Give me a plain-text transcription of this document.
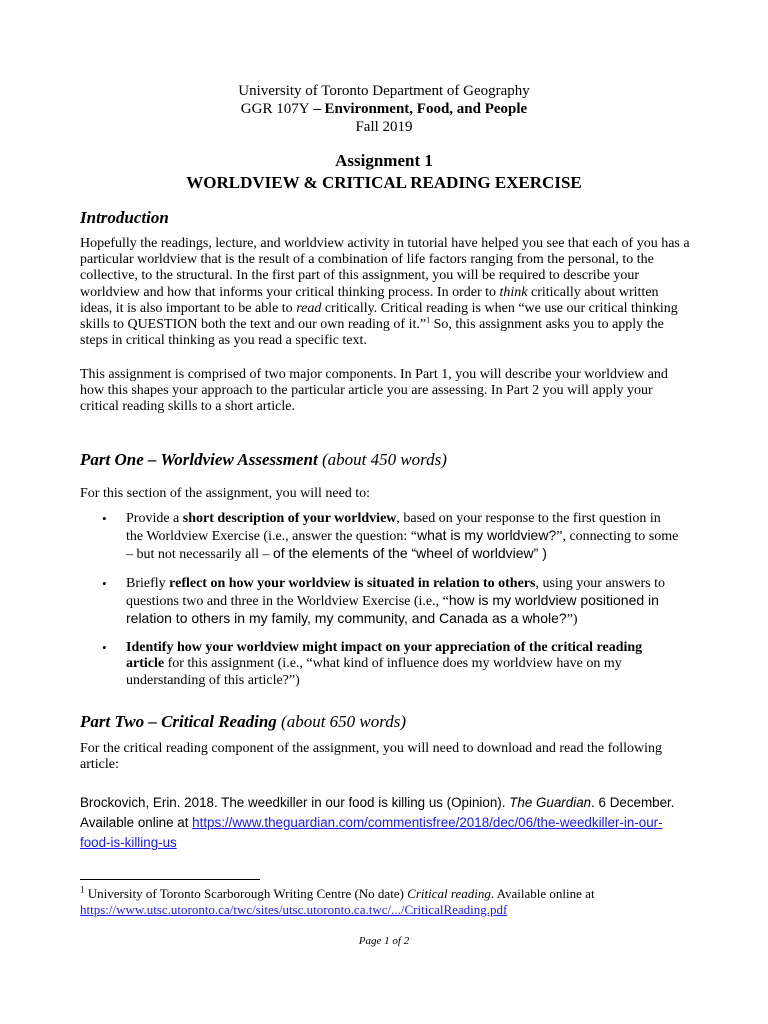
University of Toronto Department of Geography
GGR 107Y – Environment, Food, and People
Fall 2019
Assignment 1
WORLDVIEW & CRITICAL READING EXERCISE
Introduction
Hopefully the readings, lecture, and worldview activity in tutorial have helped you see that each of you has a particular worldview that is the result of a combination of life factors ranging from the personal, to the collective, to the structural. In the first part of this assignment, you will be required to describe your worldview and how that informs your critical thinking process. In order to think critically about written ideas, it is also important to be able to read critically. Critical reading is when “we use our critical thinking skills to QUESTION both the text and our own reading of it.”$^1$ So, this assignment asks you to apply the steps in critical thinking as you read a specific text.
This assignment is comprised of two major components. In Part 1, you will describe your worldview and how this shapes your approach to the particular article you are assessing. In Part 2 you will apply your critical reading skills to a short article.
Part One – Worldview Assessment (about 450 words)
For this section of the assignment, you will need to:
• Provide a short description of your worldview, based on your response to the first question in the Worldview Exercise (i.e., answer the question: “what is my worldview?”, connecting to some – but not necessarily all – of the elements of the “wheel of worldview” )
• Briefly reflect on how your worldview is situated in relation to others, using your answers to questions two and three in the Worldview Exercise (i.e., “how is my worldview positioned in relation to others in my family, my community, and Canada as a whole?”)
• Identify how your worldview might impact on your appreciation of the critical reading article for this assignment (i.e., “what kind of influence does my worldview have on my understanding of this article?”)
Part Two – Critical Reading (about 650 words)
For the critical reading component of the assignment, you will need to download and read the following article:
Brockovich, Erin. 2018. The weedkiller in our food is killing us (Opinion). The Guardian. 6 December. Available online at https://www.theguardian.com/commentisfree/2018/dec/06/the-weedkiller-in-our-food-is-killing-us
$^1$ University of Toronto Scarborough Writing Centre (No date) Critical reading. Available online at https://www.utsc.utoronto.ca/twc/sites/utsc.utoronto.ca.twc/.../CriticalReading.pdf
Page 1 of 2
